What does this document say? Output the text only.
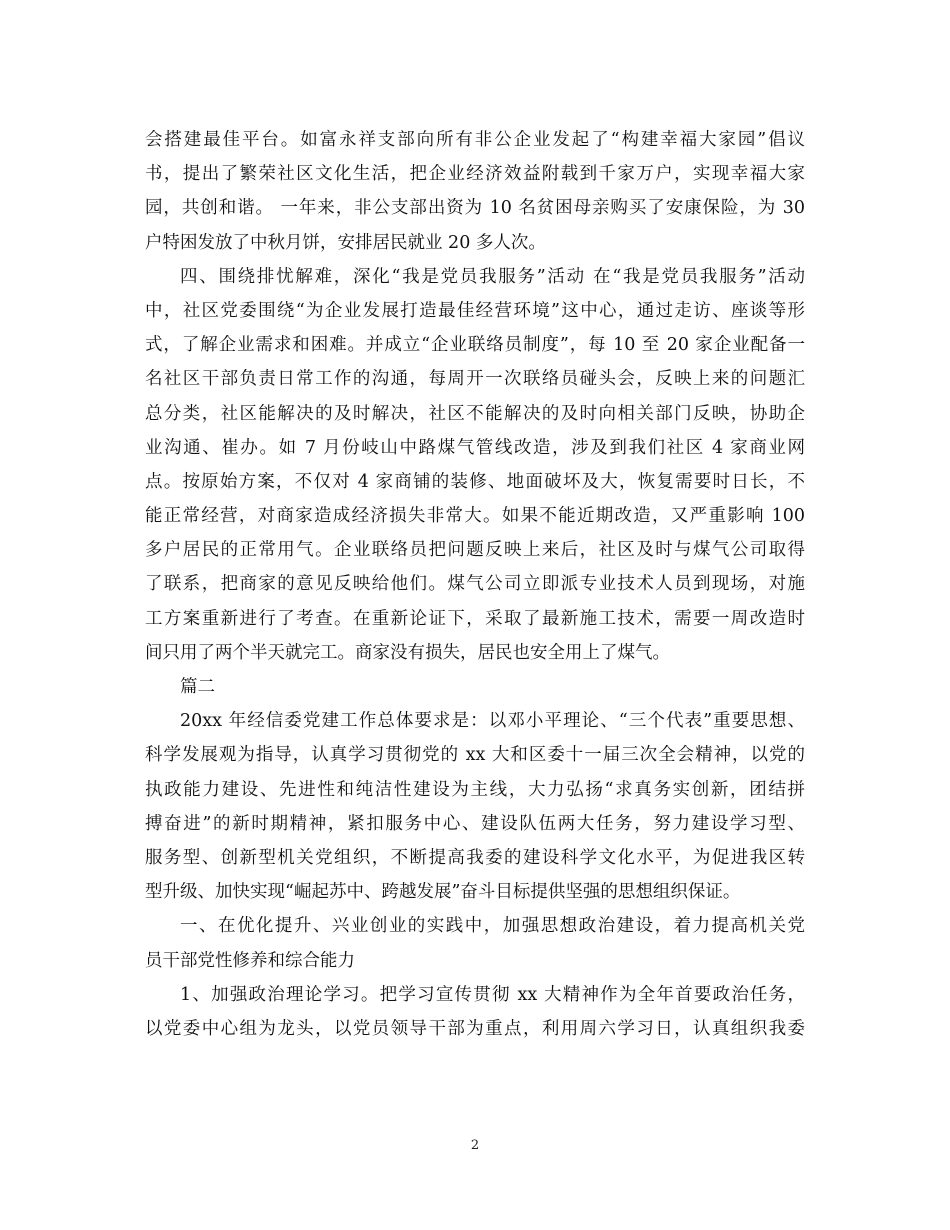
会搭建最佳平台。如富永祥支部向所有非公企业发起了“构建幸福大家园”倡议
书，提出了繁荣社区文化生活，把企业经济效益附载到千家万户，实现幸福大家
园，共创和谐。 一年来，非公支部出资为 10 名贫困母亲购买了安康保险，为 30
户特困发放了中秋月饼，安排居民就业 20 多人次。
四、围绕排忧解难，深化“我是党员我服务”活动 在“我是党员我服务”活动
中，社区党委围绕“为企业发展打造最佳经营环境”这中心，通过走访、座谈等形
式，了解企业需求和困难。并成立“企业联络员制度”，每 10 至 20 家企业配备一
名社区干部负责日常工作的沟通，每周开一次联络员碰头会，反映上来的问题汇
总分类，社区能解决的及时解决，社区不能解决的及时向相关部门反映，协助企
业沟通、崔办。如 7 月份岐山中路煤气管线改造，涉及到我们社区 4 家商业网
点。按原始方案，不仅对 4 家商铺的装修、地面破坏及大，恢复需要时日长，不
能正常经营，对商家造成经济损失非常大。如果不能近期改造，又严重影响 100
多户居民的正常用气。企业联络员把问题反映上来后，社区及时与煤气公司取得
了联系，把商家的意见反映给他们。煤气公司立即派专业技术人员到现场，对施
工方案重新进行了考查。在重新论证下，采取了最新施工技术，需要一周改造时
间只用了两个半天就完工。商家没有损失，居民也安全用上了煤气。
篇二
20xx 年经信委党建工作总体要求是：以邓小平理论、“三个代表”重要思想、
科学发展观为指导，认真学习贯彻党的 xx 大和区委十一届三次全会精神，以党的
执政能力建设、先进性和纯洁性建设为主线，大力弘扬“求真务实创新，团结拼
搏奋进”的新时期精神，紧扣服务中心、建设队伍两大任务，努力建设学习型、
服务型、创新型机关党组织，不断提高我委的建设科学文化水平，为促进我区转
型升级、加快实现“崛起苏中、跨越发展”奋斗目标提供坚强的思想组织保证。
一、在优化提升、兴业创业的实践中，加强思想政治建设，着力提高机关党
员干部党性修养和综合能力
1、加强政治理论学习。把学习宣传贯彻 xx 大精神作为全年首要政治任务，
以党委中心组为龙头，以党员领导干部为重点，利用周六学习日，认真组织我委
2
